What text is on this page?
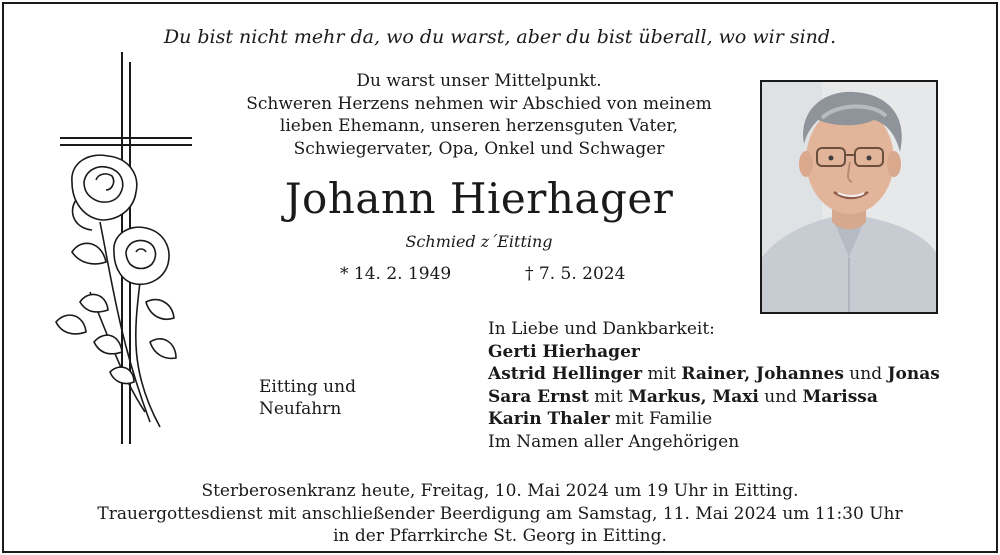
Du bist nicht mehr da, wo du warst, aber du bist überall, wo wir sind.
Du warst unser Mittelpunkt.
Schweren Herzens nehmen wir Abschied von meinem
lieben Ehemann, unseren herzensguten Vater,
Schwiegervater, Opa, Onkel und Schwager
Johann Hierhager
Schmied z´Eitting
* 14. 2. 1949	† 7. 5. 2024
Eitting und
Neufahrn
In Liebe und Dankbarkeit:
Gerti Hierhager
Astrid Hellinger mit Rainer, Johannes und Jonas
Sara Ernst mit Markus, Maxi und Marissa
Karin Thaler mit Familie
Im Namen aller Angehörigen
Sterberosenkranz heute, Freitag, 10. Mai 2024 um 19 Uhr in Eitting.
Trauergottesdienst mit anschließender Beerdigung am Samstag, 11. Mai 2024 um 11:30 Uhr
in der Pfarrkirche St. Georg in Eitting.
